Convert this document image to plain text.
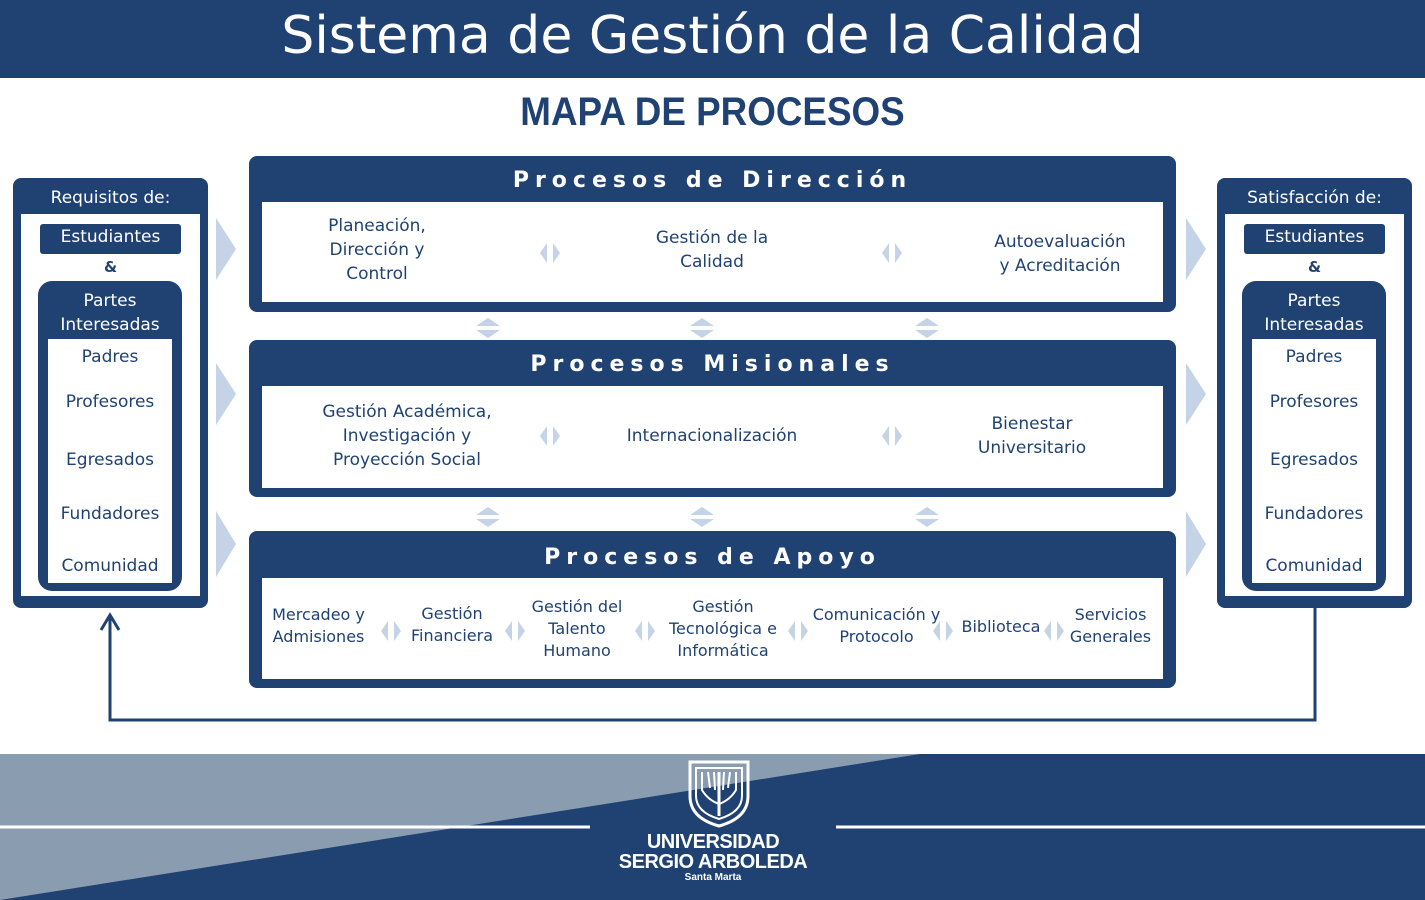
Sistema de Gestión de la Calidad
MAPA DE PROCESOS
Requisitos de:
Estudiantes
&
Partes
Interesadas
Padres
Profesores
Egresados
Fundadores
Comunidad
Satisfacción de:
Estudiantes
&
Partes
Interesadas
Padres
Profesores
Egresados
Fundadores
Comunidad
Procesos de Dirección
Planeación,
Dirección y
Control
Gestión de la
Calidad
Autoevaluación
y Acreditación
Procesos Misionales
Gestión Académica,
Investigación y
Proyección Social
Internacionalización
Bienestar
Universitario
Procesos de Apoyo
Mercadeo y
Admisiones
Gestión
Financiera
Gestión del
Talento
Humano
Gestión
Tecnológica e
Informática
Comunicación y
Protocolo
Biblioteca
Servicios
Generales
UNIVERSIDAD
SERGIO ARBOLEDA
Santa Marta
